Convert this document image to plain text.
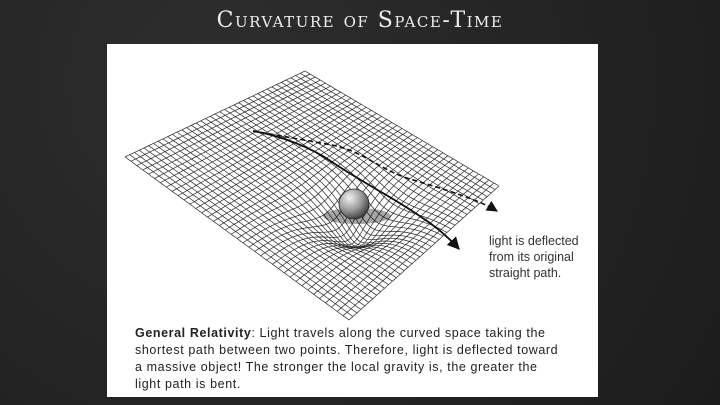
Curvature of Space-Time

light is deflected
from its original
straight path.

General Relativity: Light travels along the curved space taking the
shortest path between two points. Therefore, light is deflected toward
a massive object! The stronger the local gravity is, the greater the
light path is bent.
